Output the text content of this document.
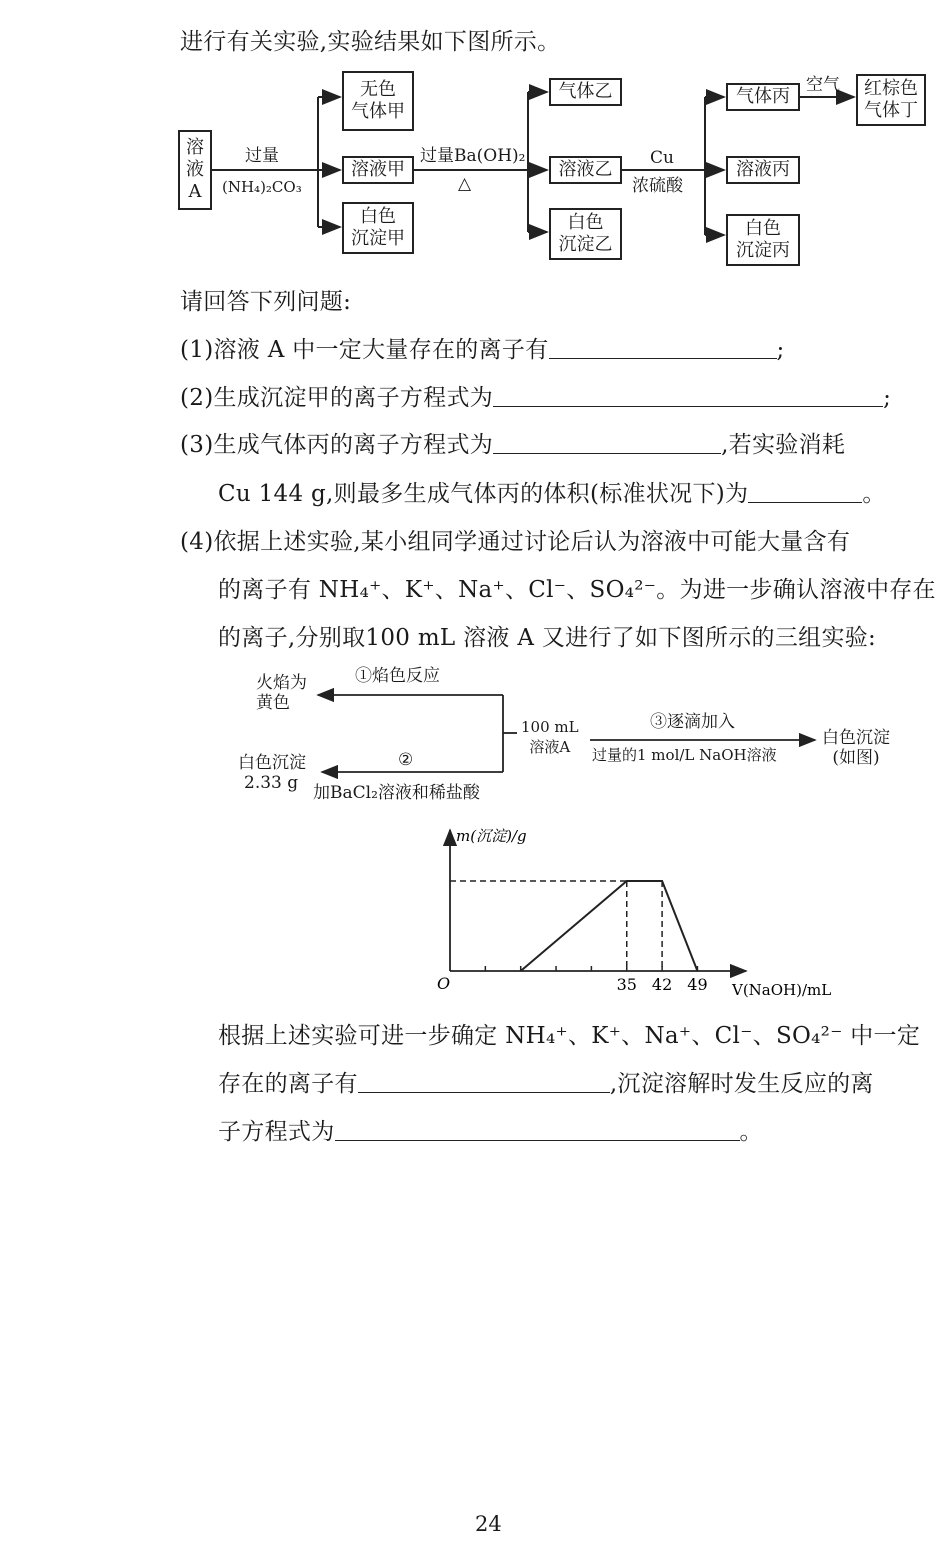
进行有关实验,实验结果如下图所示。
溶
液
A
过量
(NH₄)₂CO₃
无色
气体甲
溶液甲
白色
沉淀甲
过量Ba(OH)₂
△
气体乙
溶液乙
白色
沉淀乙
Cu
浓硫酸
气体丙
溶液丙
白色
沉淀丙
空气 红棕色
气体丁
请回答下列问题:
(1)溶液 A 中一定大量存在的离子有	;
(2)生成沉淀甲的离子方程式为	;
(3)生成气体丙的离子方程式为	,若实验消耗
Cu 144 g,则最多生成气体丙的体积(标准状况下)为	。
(4)依据上述实验,某小组同学通过讨论后认为溶液中可能大量含有
的离子有 NH₄⁺、K⁺、Na⁺、Cl⁻、SO₄²⁻。为进一步确认溶液中存在
的离子,分别取100 mL 溶液 A 又进行了如下图所示的三组实验:
火焰为
黄色
①焰色反应
白色沉淀
2.33 g
②
加BaCl₂溶液和稀盐酸
100 mL
溶液A
③逐滴加入
过量的1 mol/L NaOH溶液
白色沉淀
(如图)
m(沉淀)/g
V(NaOH)/mL
O	35 42 49
根据上述实验可进一步确定 NH₄⁺、K⁺、Na⁺、Cl⁻、SO₄²⁻ 中一定
存在的离子有	,沉淀溶解时发生反应的离
子方程式为	。
24
